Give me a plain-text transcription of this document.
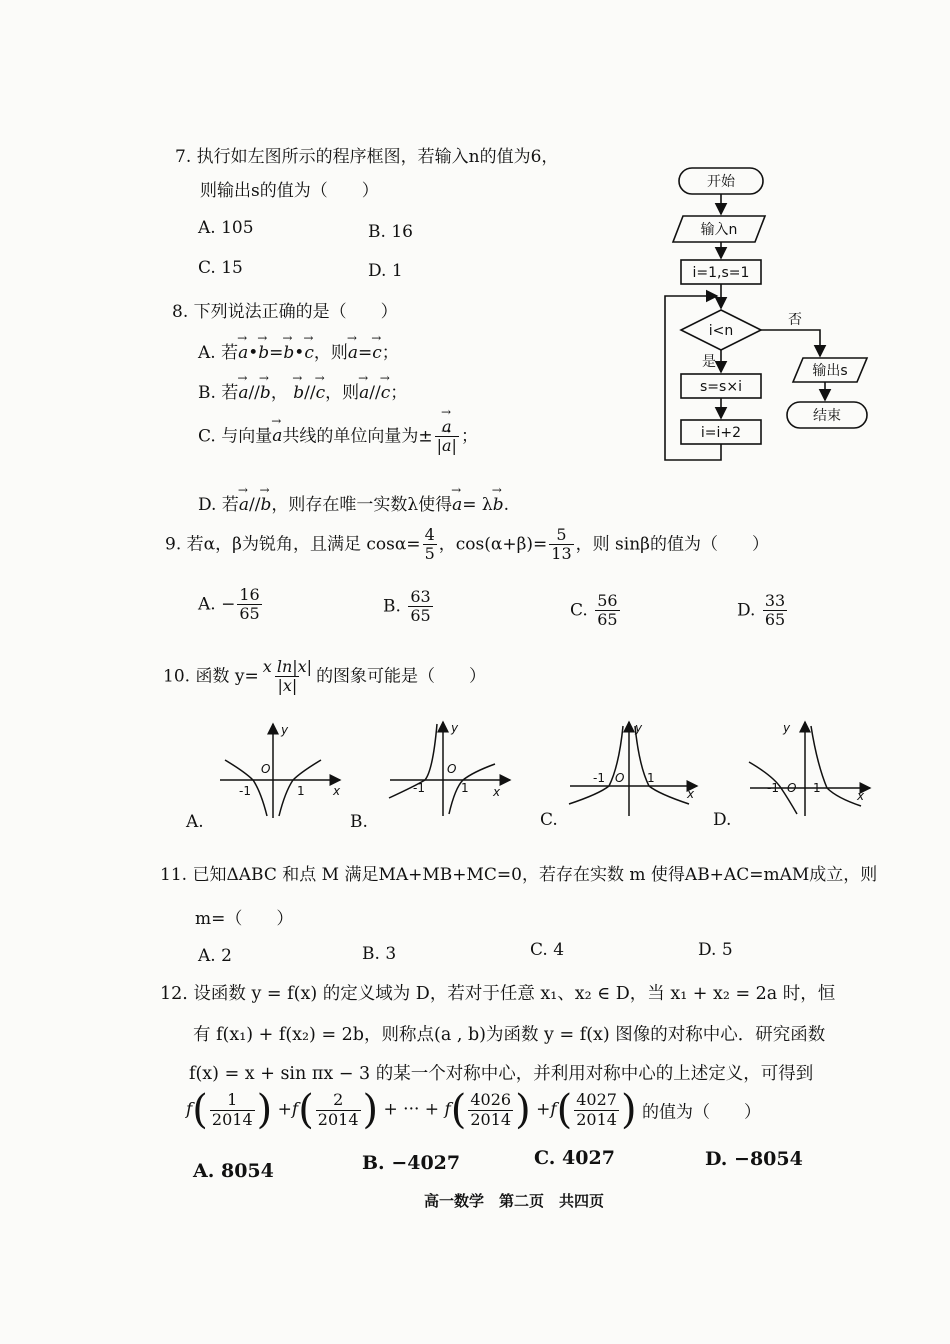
7. 执行如左图所示的程序框图，若输入n的值为6，
则输出s的值为（　　）
A. 105	B. 16
C. 15	D. 1
开始
输入n
i=1,s=1
i<n
否
是
s=s×i
i=i+2
输出s
结束
8. 下列说法正确的是（　　）
A. 若→ a•→ b=→ b•→ c，则→ a=→ c；
B. 若→ a//→ b， → b//→ c，则→ a//→ c；
C. 与向量→ a共线的单位向量为± → $\frac{a}{|\to a|}$ ；
D. 若→ a//→ b，则存在唯一实数λ使得→ a= λ→ b.
9. 若α，β为锐角，且满足 $\cos\alpha= \frac{4}{5}$ ，$\cos(\alpha+\beta)= \frac{5}{13}$ ，则 sinβ的值为（　　）
A. − $\frac{16}{65}$	B. $\frac{63}{65}$	C. $\frac{56}{65}$	D. $\frac{33}{65}$
10. 函数 $y= \frac{\text{x ln|x|}}{|x|}$ 的图象可能是（　　）
y
x
O
-1	1
A.
y
x
O
-1	1
B.
y
x
O
-1	1
C.
y
x
O
-1	1
D.
11. 已知ΔABC 和点 M 满足MA+MB+MC=0，若存在实数 m 使得AB+AC=mAM成立，则
m=（　　）
A. 2	B. 3	C. 4	D. 5
12. 设函数 y = f(x) 的定义域为 D，若对于任意 x₁、x₂ ∈ D，当 x₁ + x₂ = 2a 时，恒
有 f(x₁) + f(x₂) = 2b，则称点(a , b)为函数 y = f(x) 图像的对称中心．研究函数
f(x) = x + sin πx − 3 的某一个对称中心，并利用对称中心的上述定义，可得到
$f( \frac{1}{2014}$ ) $+f( \frac{2}{2014}$ ) + ··· + $f( \frac{4026}{2014}$ ) $+f( \frac{4027}{2014}$ ) 的值为（　　）
A. 8054	B. −4027	C. 4027	D. −8054
高一数学　第二页　共四页
